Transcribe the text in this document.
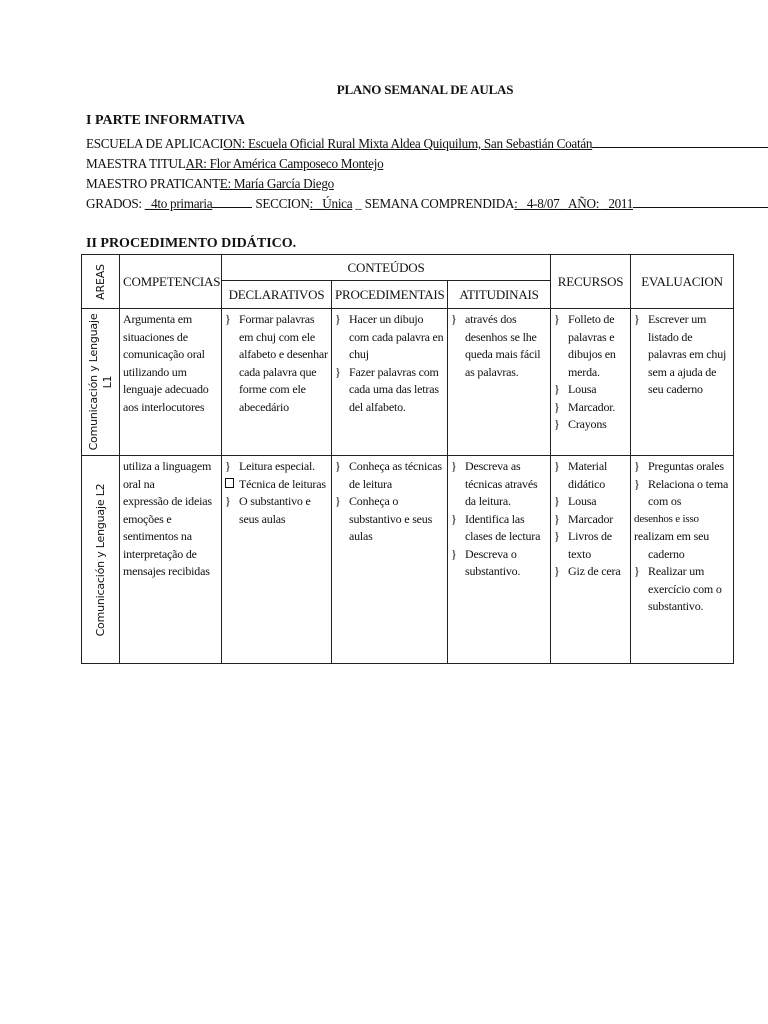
PLANO SEMANAL DE AULAS
I PARTE INFORMATIVA
ESCUELA DE APLICACION: Escuela Oficial Rural Mixta Aldea Quiquilum, San Sebastián Coatán
MAESTRA TITULAR: Flor América Camposeco Montejo
MAESTRO PRATICANTE: María García Diego
GRADOS: _4to primaria	SECCION: _Única _ SEMANA COMPRENDIDA: _4-8/07_ AÑO: _2011
II PROCEDIMENTO DIDÁTICO.
AREAS	COMPETENCIAS	CONTEÚDOS			RECURSOS	EVALUACION
		DECLARATIVOS	PROCEDIMENTAIS	ATITUDINAIS		

Comunicación y Lenguaje L1	Argumenta em situaciones de comunicação oral utilizando um lenguaje adecuado aos interlocutores	} Formar palavras em chuj com ele alfabeto e desenhar cada palavra que forme com ele abecedário	} Hacer un dibujo com cada palavra en chuj
} Fazer palavras com cada uma das letras del alfabeto.	} através dos desenhos se lhe queda mais fácil as palavras.	} Folleto de palavras e dibujos en merda.
} Lousa
} Marcador.
} Crayons	} Escrever um listado de palavras em chuj sem a ajuda de seu caderno

Comunicación y Lenguaje L2	utiliza a linguagem oral na
expressão de ideias emoções e sentimentos na interpretação de mensajes recibidas	} Leitura especial.
Técnica de leituras
} O substantivo e seus aulas	} Conheça as técnicas de leitura
} Conheça o substantivo e seus aulas	} Descreva as técnicas através da leitura.
} Identifica las clases de lectura
} Descreva o substantivo.	} Material didático
} Lousa
} Marcador
} Livros de texto
} Giz de cera	} Preguntas orales
} Relaciona o tema com os
desenhos e isso
realizam em seu caderno
} Realizar um exercício com o substantivo.
